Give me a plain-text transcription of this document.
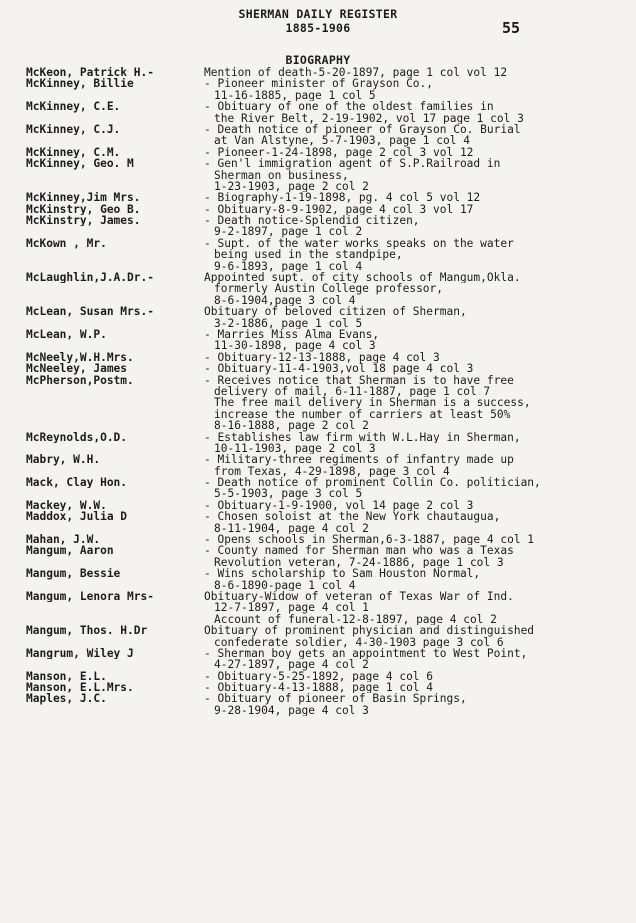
SHERMAN DAILY REGISTER
1885-1906	55
BIOGRAPHY
McKeon, Patrick H.-	Mention of death-5-20-1897, page 1 col vol 12
McKinney, Billie	- Pioneer minister of Grayson Co.,
11-16-1885, page 1 col 5
McKinney, C.E.	- Obituary of one of the oldest families in
the River Belt, 2-19-1902, vol 17 page 1 col 3
McKinney, C.J.	- Death notice of pioneer of Grayson Co. Burial
at Van Alstyne, 5-7-1903, page 1 col 4
McKinney, C.M.	- Pioneer-1-24-1898, page 2 col 3 vol 12
McKinney, Geo. M	- Gen'l immigration agent of S.P.Railroad in
Sherman on business,
1-23-1903, page 2 col 2
McKinney,Jim Mrs.	- Biography-1-19-1898, pg. 4 col 5 vol 12
McKinstry, Geo B.	- Obituary-8-9-1902, page 4 col 3 vol 17
McKinstry, James.	- Death notice-Splendid citizen,
9-2-1897, page 1 col 2
McKown , Mr.	- Supt. of the water works speaks on the water
being used in the standpipe,
9-6-1893, page 1 col 4
McLaughlin,J.A.Dr.-	Appointed supt. of city schools of Mangum,Okla.
formerly Austin College professor,
8-6-1904,page 3 col 4
McLean, Susan Mrs.-	Obituary of beloved citizen of Sherman,
3-2-1886, page 1 col 5
McLean, W.P.	- Marries Miss Alma Evans,
11-30-1898, page 4 col 3
McNeely,W.H.Mrs.	- Obituary-12-13-1888, page 4 col 3
McNeeley, James	- Obituary-11-4-1903,vol 18 page 4 col 3
McPherson,Postm.	- Receives notice that Sherman is to have free
delivery of mail, 6-11-1887, page 1 col 7
The free mail delivery in Sherman is a success,
increase the number of carriers at least 50%
8-16-1888, page 2 col 2
McReynolds,O.D.	- Establishes law firm with W.L.Hay in Sherman,
10-11-1903, page 2 col 3
Mabry, W.H.	- Military-three regiments of infantry made up
from Texas, 4-29-1898, page 3 col 4
Mack, Clay Hon.	- Death notice of prominent Collin Co. politician,
5-5-1903, page 3 col 5
Mackey, W.W.	- Obituary-1-9-1900, vol 14 page 2 col 3
Maddox, Julia D	- Chosen soloist at the New York chautaugua,
8-11-1904, page 4 col 2
Mahan, J.W.	- Opens schools in Sherman,6-3-1887, page 4 col 1
Mangum, Aaron	- County named for Sherman man who was a Texas
Revolution veteran, 7-24-1886, page 1 col 3
Mangum, Bessie	- Wins scholarship to Sam Houston Normal,
8-6-1890-page 1 col 4
Mangum, Lenora Mrs-	Obituary-Widow of veteran of Texas War of Ind.
12-7-1897, page 4 col 1
Account of funeral-12-8-1897, page 4 col 2
Mangum, Thos. H.Dr	Obituary of prominent physician and distinguished
confederate soldier, 4-30-1903 page 3 col 6
Mangrum, Wiley J	- Sherman boy gets an appointment to West Point,
4-27-1897, page 4 col 2
Manson, E.L.	- Obituary-5-25-1892, page 4 col 6
Manson, E.L.Mrs.	- Obituary-4-13-1888, page 1 col 4
Maples, J.C.	- Obituary of pioneer of Basin Springs,
9-28-1904, page 4 col 3
